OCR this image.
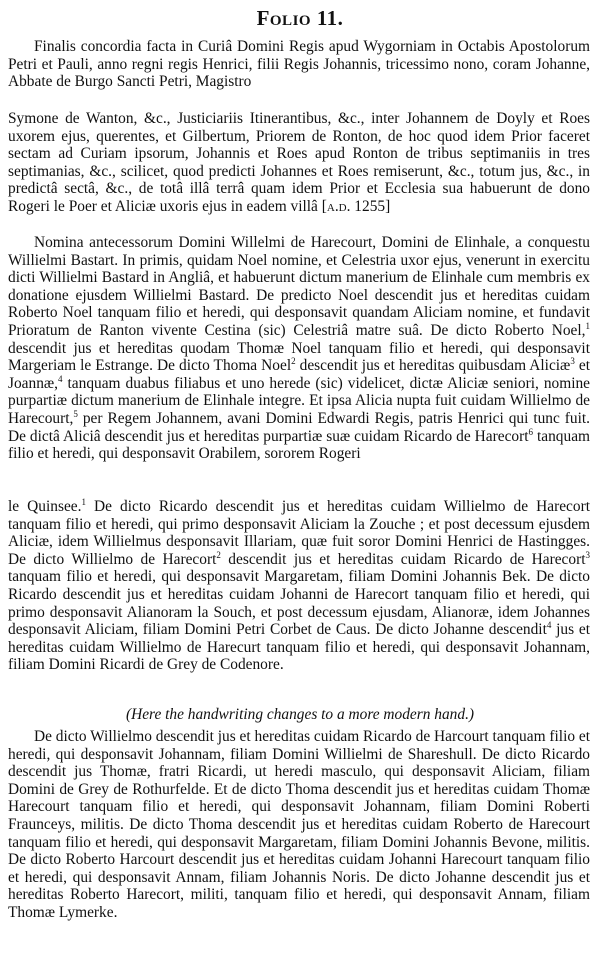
Folio 11.

Finalis concordia facta in Curiâ Domini Regis apud Wygorniam in Octabis Apostolorum Petri et Pauli, anno regni regis Henrici, filii Regis Johannis, tricessimo nono, coram Johanne, Abbate de Burgo Sancti Petri, Magistro

Symone de Wanton, &c., Justiciariis Itinerantibus, &c., inter Johannem de Doyly et Roes uxorem ejus, querentes, et Gilbertum, Priorem de Ronton, de hoc quod idem Prior faceret sectam ad Curiam ipsorum, Johannis et Roes apud Ronton de tribus septimaniis in tres septimanias, &c., scilicet, quod predicti Johannes et Roes remiserunt, &c., totum jus, &c., in predictâ sectâ, &c., de totâ illâ terrâ quam idem Prior et Ecclesia sua habuerunt de dono Rogeri le Poer et Aliciæ uxoris ejus in eadem villâ [a.d. 1255]

Nomina antecessorum Domini Willelmi de Harecourt, Domini de Elinhale, a conquestu Willielmi Bastart. In primis, quidam Noel nomine, et Celestria uxor ejus, venerunt in exercitu dicti Willielmi Bastard in Angliâ, et habuerunt dictum manerium de Elinhale cum membris ex donatione ejusdem Willielmi Bastard. De predicto Noel descendit jus et hereditas cuidam Roberto Noel tanquam filio et heredi, qui desponsavit quandam Aliciam nomine, et fundavit Prioratum de Ranton vivente Cestina (sic) Celestriâ matre suâ. De dicto Roberto Noel,$^1$ descendit jus et hereditas quodam Thomæ Noel tanquam filio et heredi, qui desponsavit Margeriam le Estrange. De dicto Thoma Noel$^2$ descendit jus et hereditas quibusdam Aliciæ$^3$ et Joannæ,$^4$ tanquam duabus filiabus et uno herede (sic) videlicet, dictæ Aliciæ seniori, nomine purpartiæ dictum manerium de Elinhale integre. Et ipsa Alicia nupta fuit cuidam Willielmo de Harecourt,$^5$ per Regem Johannem, avani Domini Edwardi Regis, patris Henrici qui tunc fuit. De dictâ Aliciâ descendit jus et hereditas purpartiæ suæ cuidam Ricardo de Harecort$^6$ tanquam filio et heredi, qui desponsavit Orabilem, sororem Rogeri

le Quinsee.$^1$ De dicto Ricardo descendit jus et hereditas cuidam Willielmo de Harecort tanquam filio et heredi, qui primo desponsavit Aliciam la Zouche ; et post decessum ejusdem Aliciæ, idem Willielmus desponsavit Illariam, quæ fuit soror Domini Henrici de Hastingges. De dicto Willielmo de Harecort$^2$ descendit jus et hereditas cuidam Ricardo de Harecort$^3$ tanquam filio et heredi, qui desponsavit Margaretam, filiam Domini Johannis Bek. De dicto Ricardo descendit jus et hereditas cuidam Johanni de Harecort tanquam filio et heredi, qui primo desponsavit Alianoram la Souch, et post decessum ejusdam, Alianoræ, idem Johannes desponsavit Aliciam, filiam Domini Petri Corbet de Caus. De dicto Johanne descendit$^4$ jus et hereditas cuidam Willielmo de Harecurt tanquam filio et heredi, qui desponsavit Johannam, filiam Domini Ricardi de Grey de Codenore.

(Here the handwriting changes to a more modern hand.)

De dicto Willielmo descendit jus et hereditas cuidam Ricardo de Harcourt tanquam filio et heredi, qui desponsavit Johannam, filiam Domini Willielmi de Shareshull. De dicto Ricardo descendit jus Thomæ, fratri Ricardi, ut heredi masculo, qui desponsavit Aliciam, filiam Domini de Grey de Rothurfelde. Et de dicto Thoma descendit jus et hereditas cuidam Thomæ Harecourt tanquam filio et heredi, qui desponsavit Johannam, filiam Domini Roberti Fraunceys, militis. De dicto Thoma descendit jus et hereditas cuidam Roberto de Harecourt tanquam filio et heredi, qui desponsavit Margaretam, filiam Domini Johannis Bevone, militis. De dicto Roberto Harcourt descendit jus et hereditas cuidam Johanni Harecourt tanquam filio et heredi, qui desponsavit Annam, filiam Johannis Noris. De dicto Johanne descendit jus et hereditas Roberto Harecort, militi, tanquam filio et heredi, qui desponsavit Annam, filiam Thomæ Lymerke.
